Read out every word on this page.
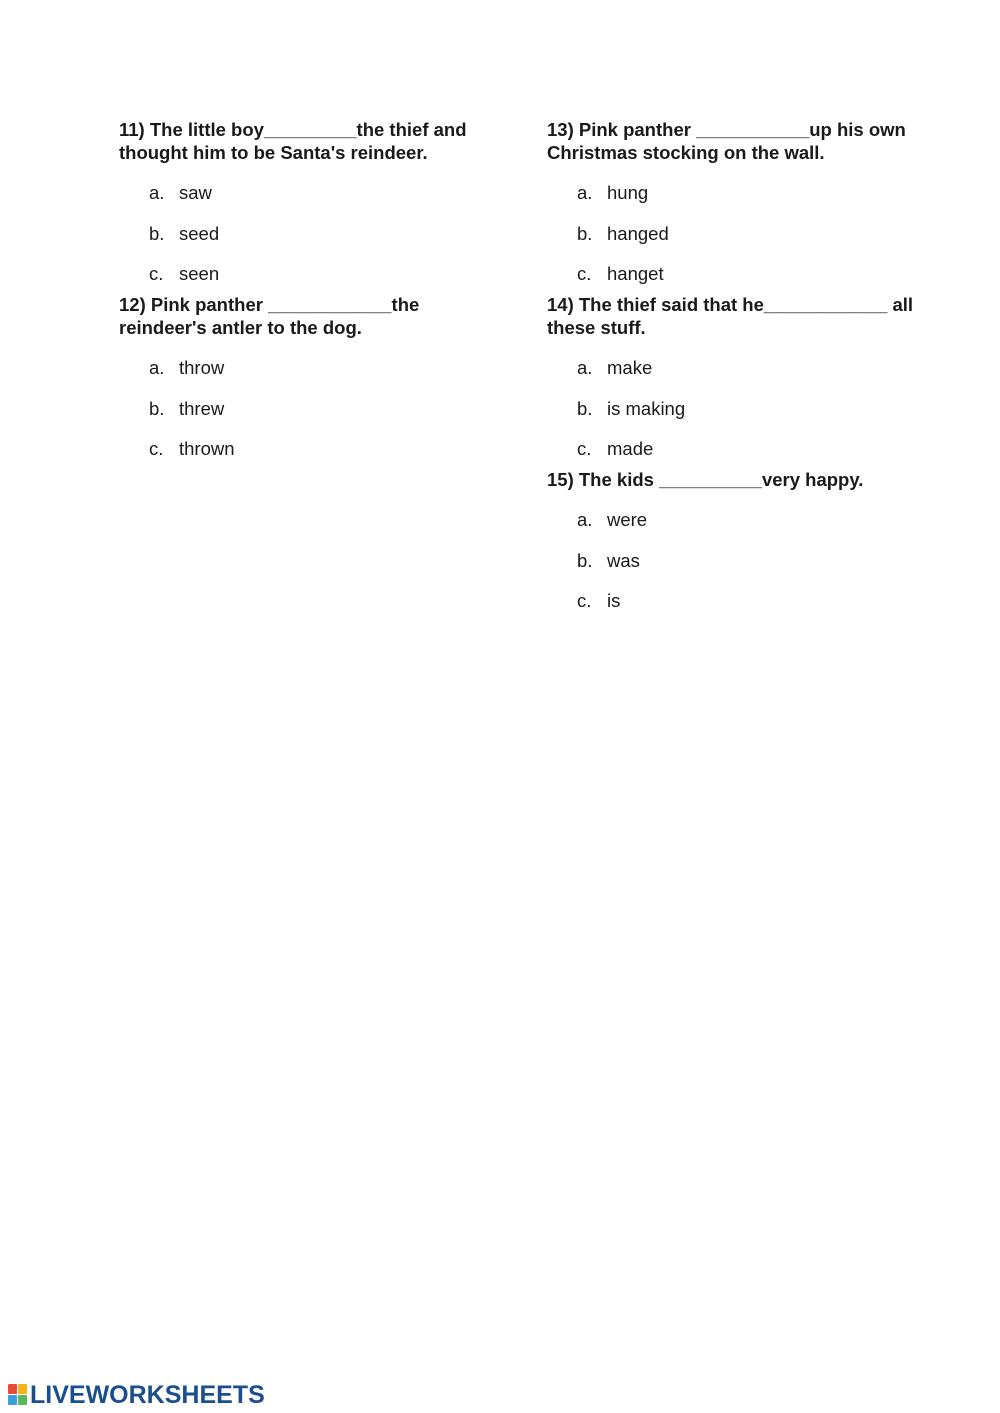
11) The little boy_________the thief and
thought him to be Santa's reindeer.
a. saw
b. seed
c. seen
12) Pink panther ____________the
reindeer's antler to the dog.
a. throw
b. threw
c. thrown
13) Pink panther ___________up his own
Christmas stocking on the wall.
a. hung
b. hanged
c. hanget
14) The thief said that he____________ all
these stuff.
a. make
b. is making
c. made
15) The kids __________very happy.
a. were
b. was
c. is
LIVEWORKSHEETS
